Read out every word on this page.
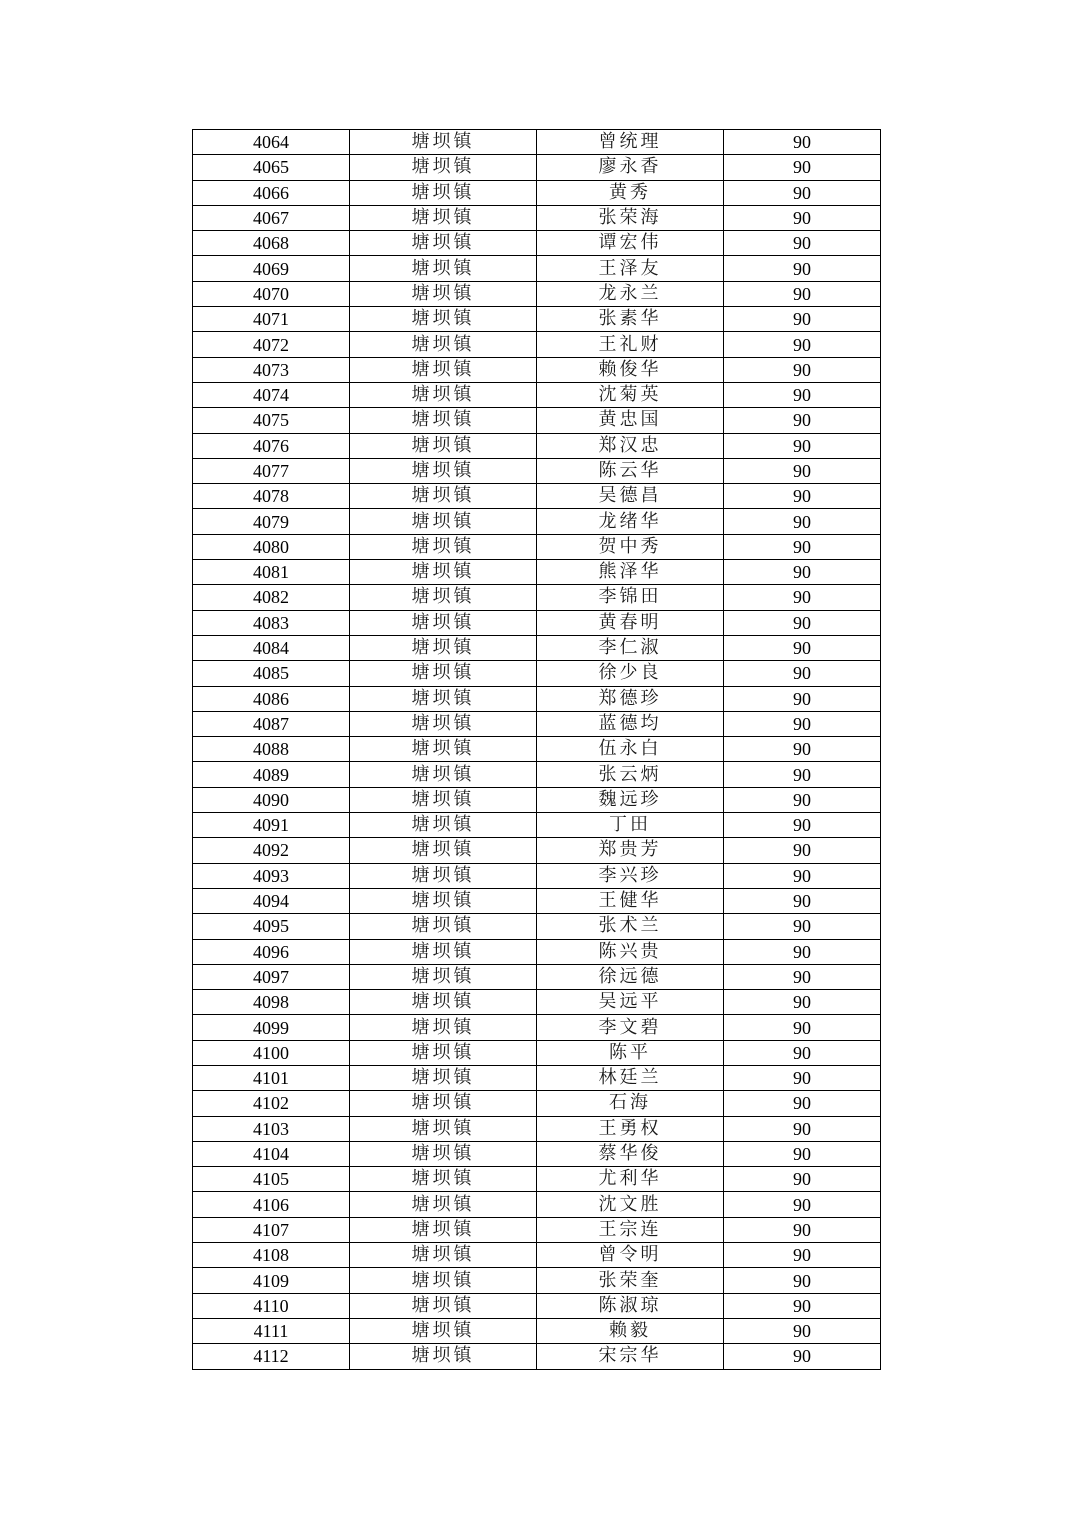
4064	塘坝镇	曾统理	90
4065	塘坝镇	廖永香	90
4066	塘坝镇	黄秀	90
4067	塘坝镇	张荣海	90
4068	塘坝镇	谭宏伟	90
4069	塘坝镇	王泽友	90
4070	塘坝镇	龙永兰	90
4071	塘坝镇	张素华	90
4072	塘坝镇	王礼财	90
4073	塘坝镇	赖俊华	90
4074	塘坝镇	沈菊英	90
4075	塘坝镇	黄忠国	90
4076	塘坝镇	郑汉忠	90
4077	塘坝镇	陈云华	90
4078	塘坝镇	吴德昌	90
4079	塘坝镇	龙绪华	90
4080	塘坝镇	贺中秀	90
4081	塘坝镇	熊泽华	90
4082	塘坝镇	李锦田	90
4083	塘坝镇	黄春明	90
4084	塘坝镇	李仁淑	90
4085	塘坝镇	徐少良	90
4086	塘坝镇	郑德珍	90
4087	塘坝镇	蓝德均	90
4088	塘坝镇	伍永白	90
4089	塘坝镇	张云炳	90
4090	塘坝镇	魏远珍	90
4091	塘坝镇	丁田	90
4092	塘坝镇	郑贵芳	90
4093	塘坝镇	李兴珍	90
4094	塘坝镇	王健华	90
4095	塘坝镇	张术兰	90
4096	塘坝镇	陈兴贵	90
4097	塘坝镇	徐远德	90
4098	塘坝镇	吴远平	90
4099	塘坝镇	李文碧	90
4100	塘坝镇	陈平	90
4101	塘坝镇	林廷兰	90
4102	塘坝镇	石海	90
4103	塘坝镇	王勇权	90
4104	塘坝镇	蔡华俊	90
4105	塘坝镇	尤利华	90
4106	塘坝镇	沈文胜	90
4107	塘坝镇	王宗连	90
4108	塘坝镇	曾令明	90
4109	塘坝镇	张荣奎	90
4110	塘坝镇	陈淑琼	90
4111	塘坝镇	赖毅	90
4112	塘坝镇	宋宗华	90
